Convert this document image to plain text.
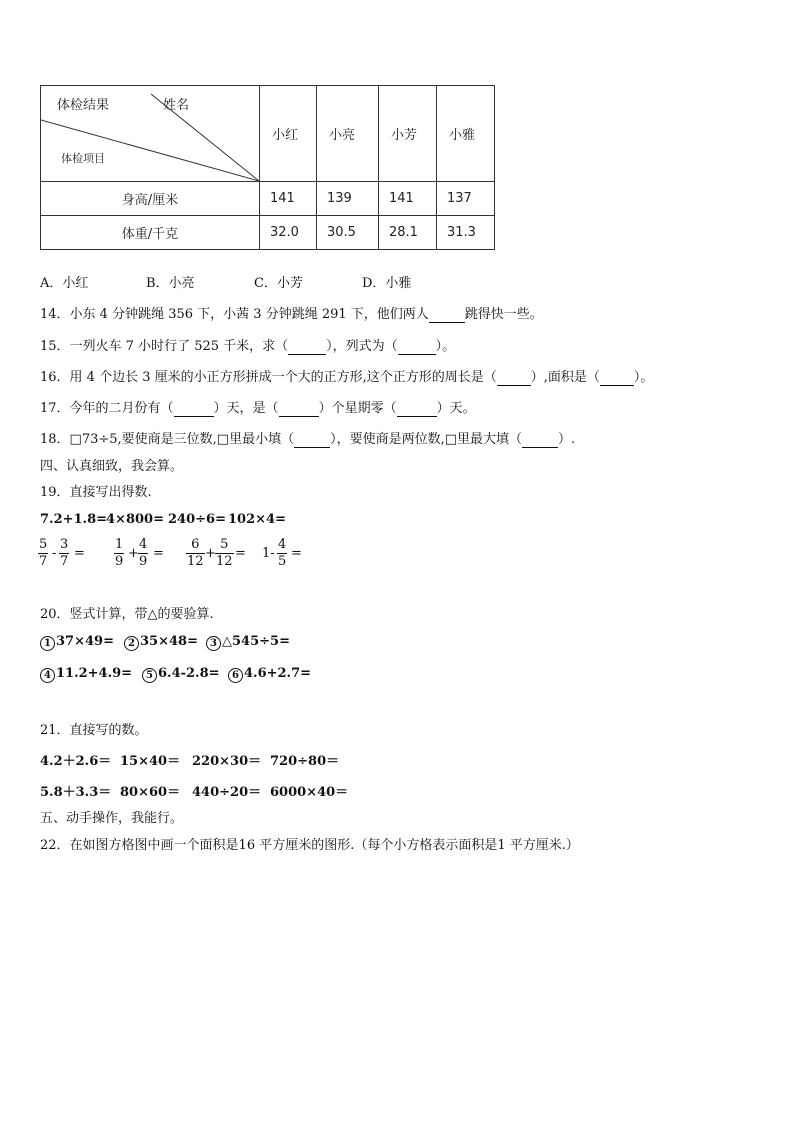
体检结果 姓名
体检项目	小红	小亮	小芳	小雅
身高/厘米	141	139	141	137
体重/千克	32.0	30.5	28.1	31.3
A．小红	B．小亮	C．小芳	D．小雅
14．小东 4 分钟跳绳 356 下，小茜 3 分钟跳绳 291 下，他们两人	跳得快一些。
15．一列火车 7 小时行了 525 千米，求（	），列式为（	）。
16．用 4 个边长 3 厘米的小正方形拼成一个大的正方形,这个正方形的周长是（	）,面积是（	）。
17．今年的二月份有（	）天，是（	）个星期零（	）天。
18．□73÷5,要使商是三位数,□里最小填（	），要使商是两位数,□里最大填（	）.
四、认真细致，我会算。
19．直接写出得数.
7.2+1.8=
4×800= 240÷6= 102×4=
$\frac{5}{7} - \frac{3}{7} = \frac{1}{9} + \frac{4}{9} = \frac{6}{12} + \frac{5}{12} = 1- \frac{4}{5}$ =
20．竖式计算，带△的要验算.
1 37×49=	2 35×48=	3 △545÷5=
4 11.2+4.9=	5 6.4-2.8=	6 4.6+2.7=
21．直接写的数。
4.2＋2.6＝ 15×40＝ 220×30＝ 720÷80＝
5.8＋3.3＝ 80×60＝ 440÷20＝ 6000×40＝
五、动手操作，我能行。
22．在如图方格图中画一个面积是16 平方厘米的图形.（每个小方格表示面积是1 平方厘米.）
